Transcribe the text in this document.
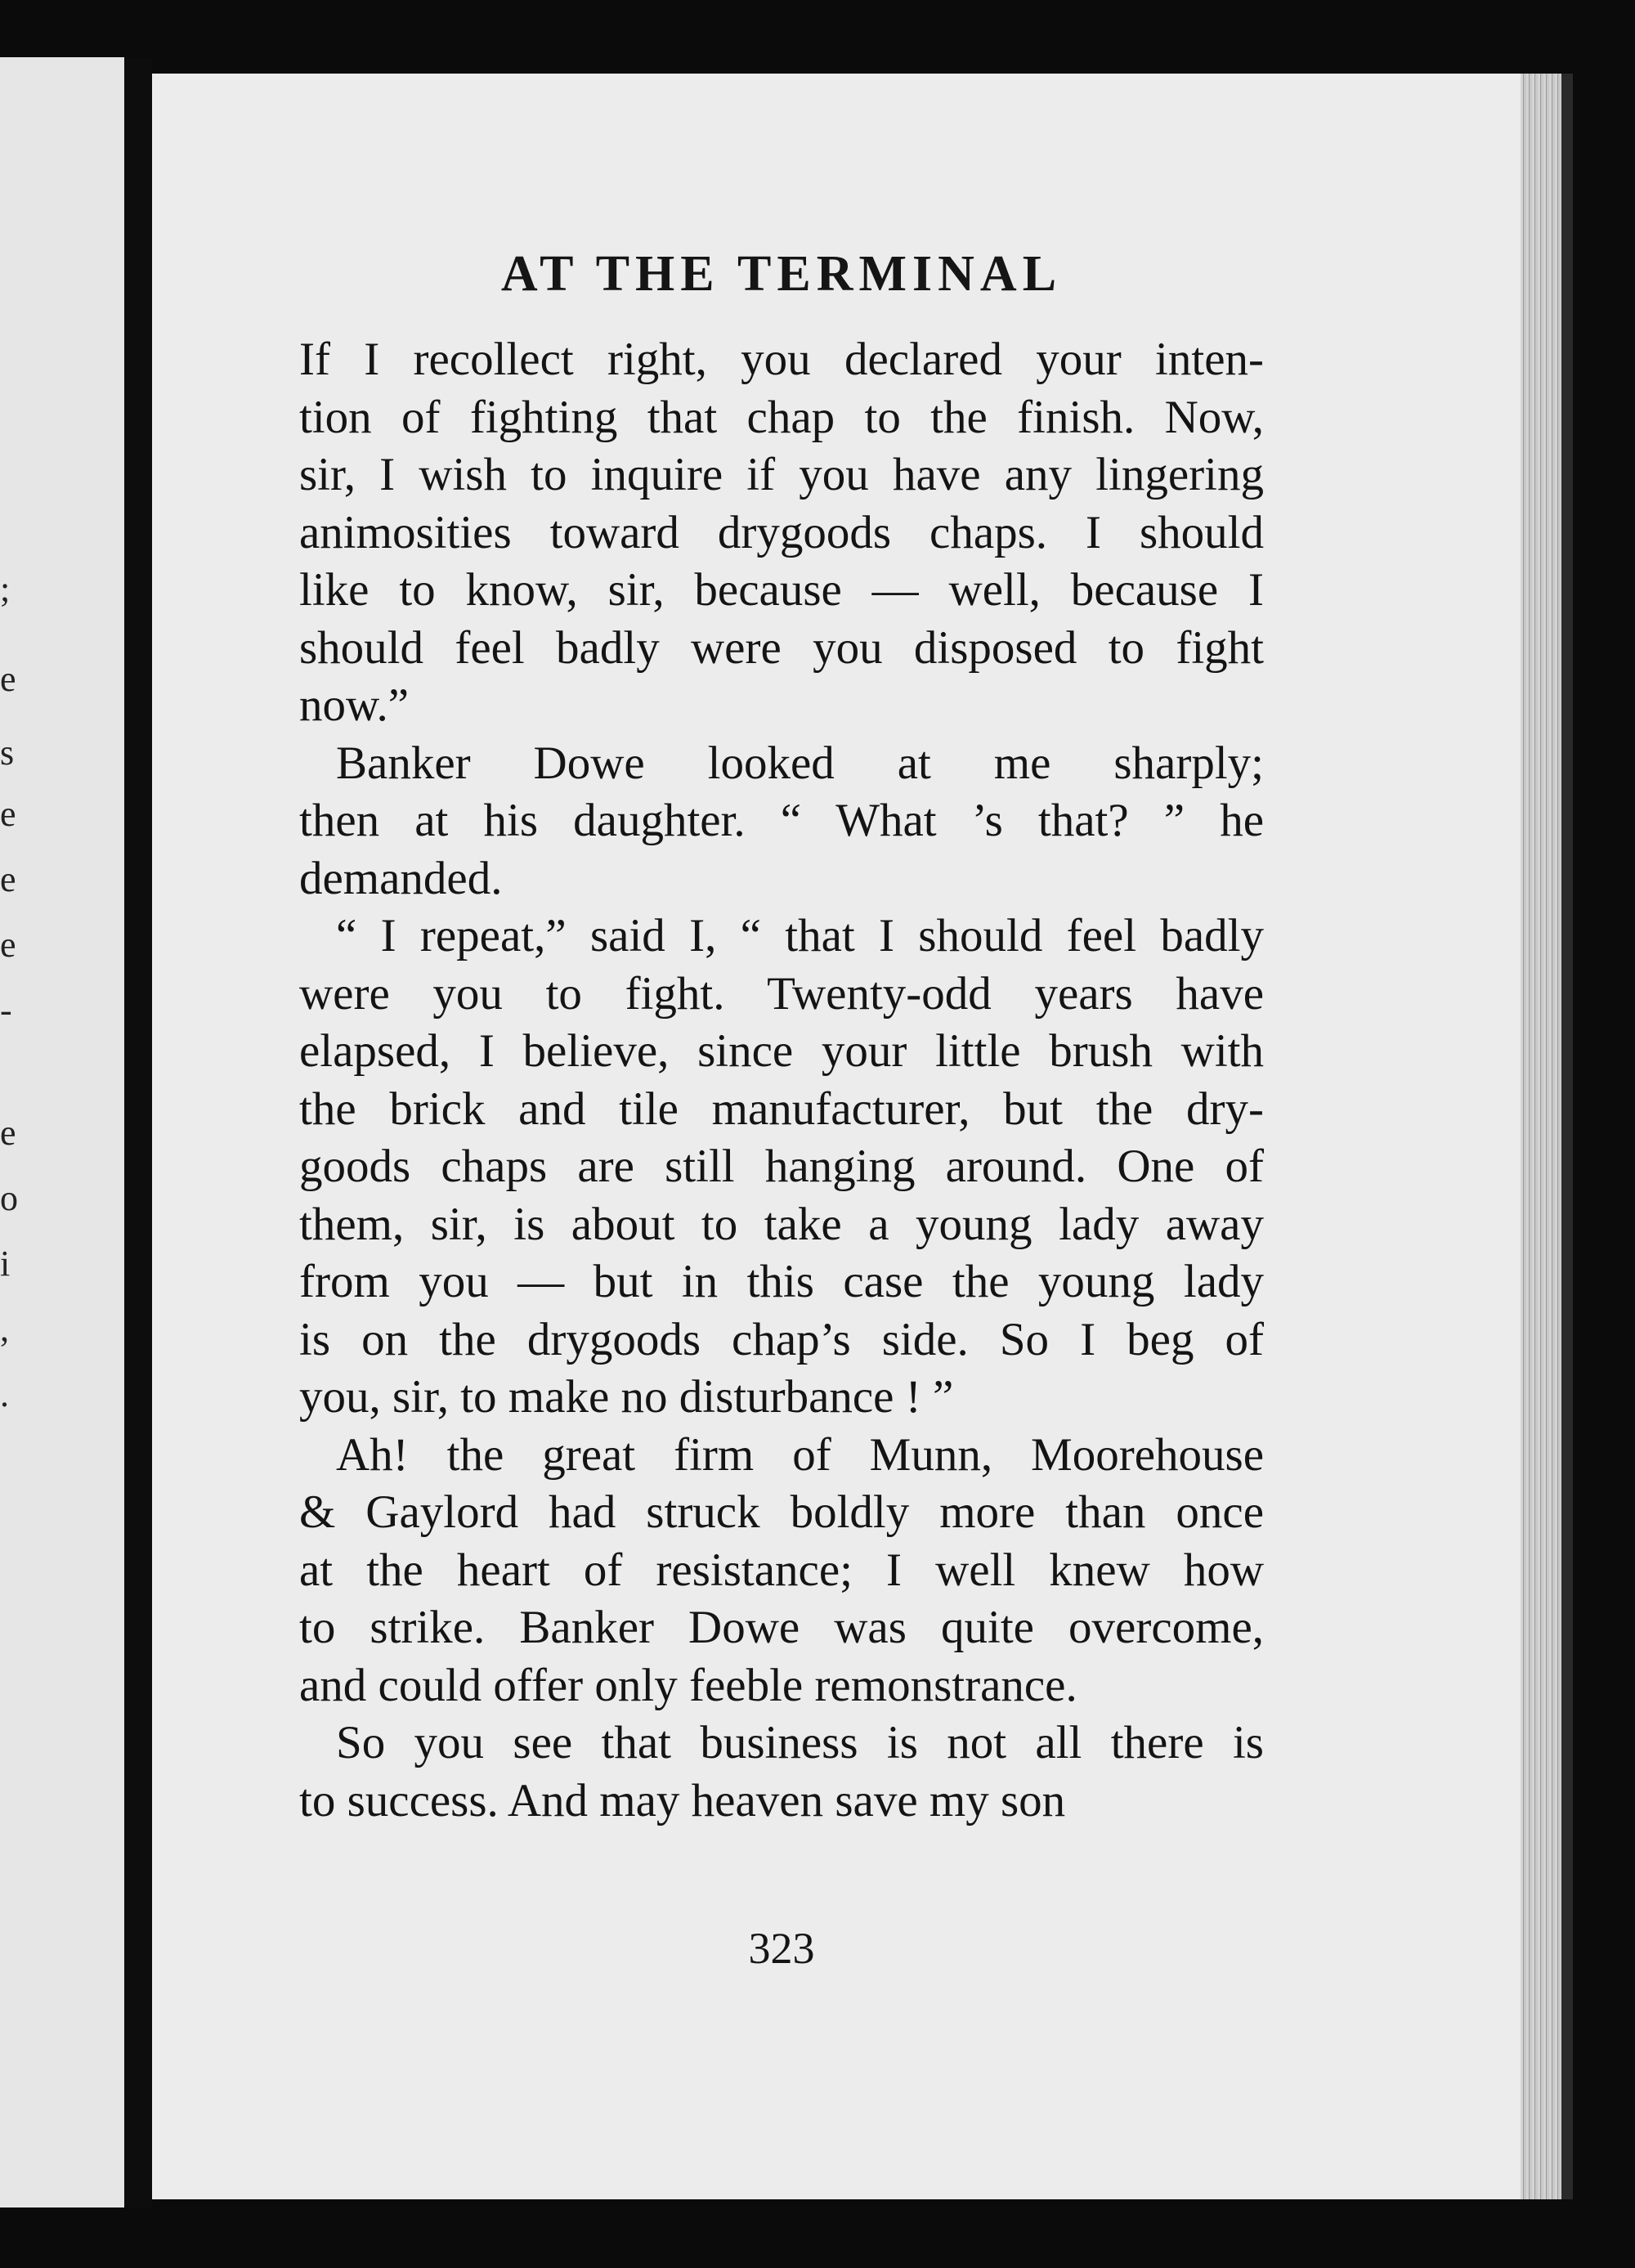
;
e
s
e
e
e
-
e
o
i
,
.
AT THE TERMINAL

If I recollect right, you declared your inten-
tion of fighting that chap to the finish. Now,
sir, I wish to inquire if you have any lingering
animosities toward drygoods chaps. I should
like to know, sir, because — well, because I
should feel badly were you disposed to fight
now.”

Banker Dowe looked at me sharply;
then at his daughter. “ What ’s that? ” he
demanded.

“ I repeat,” said I, “ that I should feel badly
were you to fight. Twenty-odd years have
elapsed, I believe, since your little brush with
the brick and tile manufacturer, but the dry-
goods chaps are still hanging around. One of
them, sir, is about to take a young lady away
from you — but in this case the young lady
is on the drygoods chap’s side. So I beg of
you, sir, to make no disturbance ! ”

Ah! the great firm of Munn, Moorehouse
& Gaylord had struck boldly more than once
at the heart of resistance; I well knew how
to strike. Banker Dowe was quite overcome,
and could offer only feeble remonstrance.

So you see that business is not all there is
to success. And may heaven save my son

323
